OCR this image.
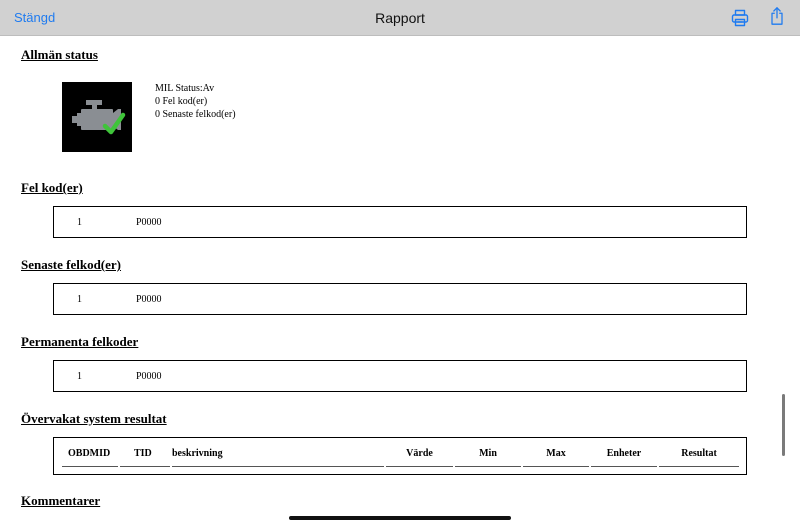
Stängd	Rapport
Allmän status
MIL Status:Av
0 Fel kod(er)
0 Senaste felkod(er)
Fel kod(er)
1	P0000
Senaste felkod(er)
1	P0000
Permanenta felkoder
1	P0000
Övervakat system resultat
OBDMID	TID	beskrivning	Värde	Min	Max	Enheter	Resultat
Kommentarer
